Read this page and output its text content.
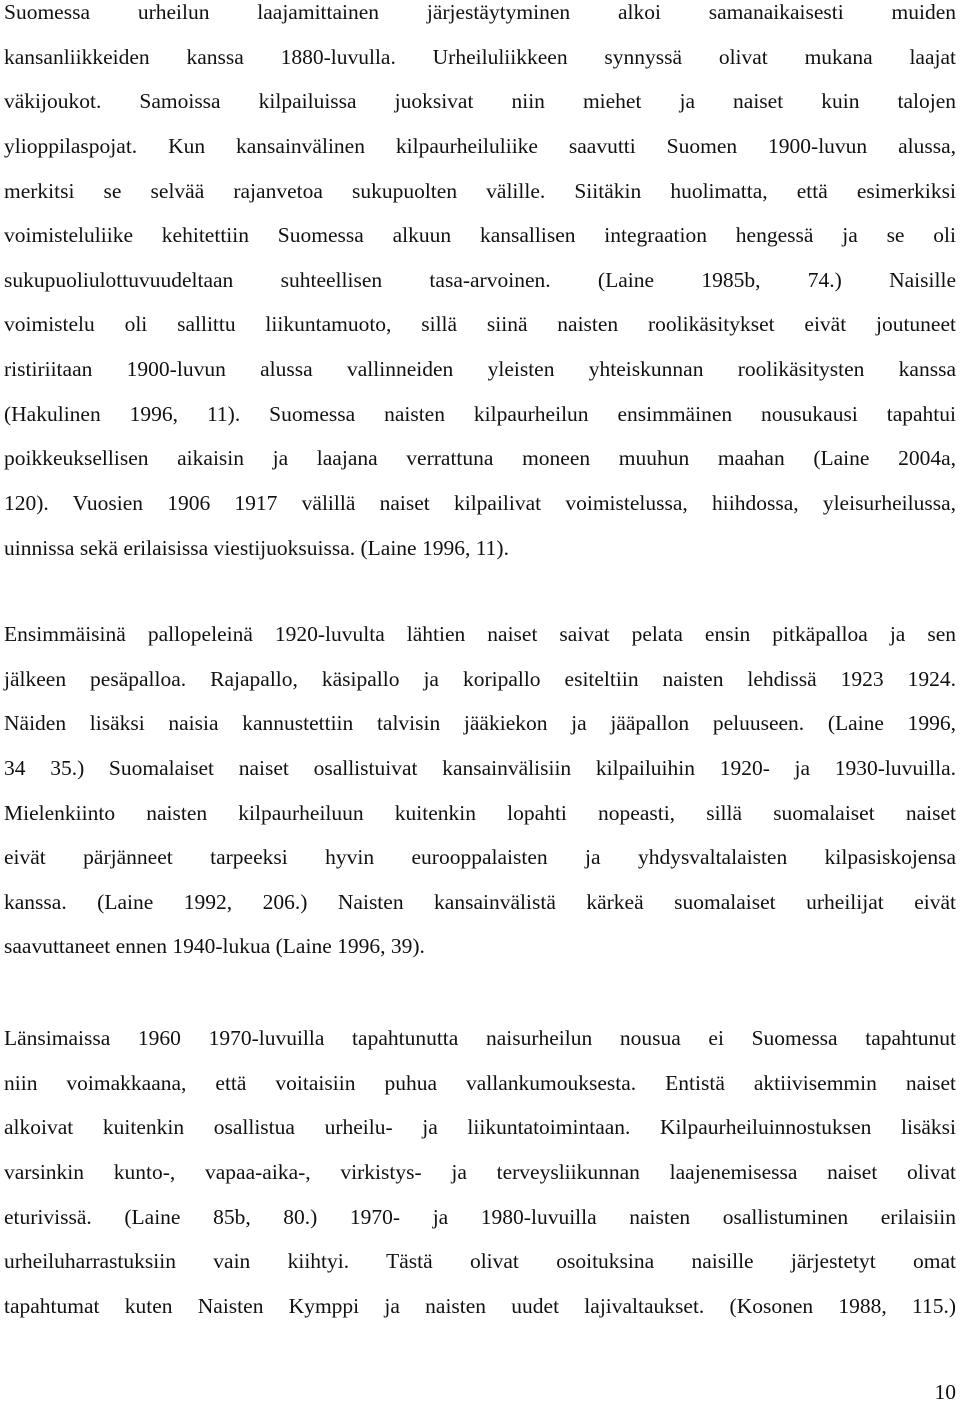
Suomessa urheilun laajamittainen järjestäytyminen alkoi samanaikaisesti muiden
kansanliikkeiden kanssa 1880-luvulla. Urheiluliikkeen synnyssä olivat mukana laajat
väkijoukot. Samoissa kilpailuissa juoksivat niin miehet ja naiset kuin talojen
ylioppilaspojat. Kun kansainvälinen kilpaurheiluliike saavutti Suomen 1900-luvun alussa,
merkitsi se selvää rajanvetoa sukupuolten välille. Siitäkin huolimatta, että esimerkiksi
voimisteluliike kehitettiin Suomessa alkuun kansallisen integraation hengessä ja se oli
sukupuoliulottuvuudeltaan suhteellisen tasa-arvoinen. (Laine 1985b, 74.) Naisille
voimistelu oli sallittu liikuntamuoto, sillä siinä naisten roolikäsitykset eivät joutuneet
ristiriitaan 1900-luvun alussa vallinneiden yleisten yhteiskunnan roolikäsitysten kanssa
(Hakulinen 1996, 11). Suomessa naisten kilpaurheilun ensimmäinen nousukausi tapahtui
poikkeuksellisen aikaisin ja laajana verrattuna moneen muuhun maahan (Laine 2004a,
120). Vuosien 1906 1917 välillä naiset kilpailivat voimistelussa, hiihdossa, yleisurheilussa,
uinnissa sekä erilaisissa viestijuoksuissa. (Laine 1996, 11).
Ensimmäisinä pallopeleinä 1920-luvulta lähtien naiset saivat pelata ensin pitkäpalloa ja sen
jälkeen pesäpalloa. Rajapallo, käsipallo ja koripallo esiteltiin naisten lehdissä 1923 1924.
Näiden lisäksi naisia kannustettiin talvisin jääkiekon ja jääpallon peluuseen. (Laine 1996,
34 35.) Suomalaiset naiset osallistuivat kansainvälisiin kilpailuihin 1920- ja 1930-luvuilla.
Mielenkiinto naisten kilpaurheiluun kuitenkin lopahti nopeasti, sillä suomalaiset naiset
eivät pärjänneet tarpeeksi hyvin eurooppalaisten ja yhdysvaltalaisten kilpasiskojensa
kanssa. (Laine 1992, 206.) Naisten kansainvälistä kärkeä suomalaiset urheilijat eivät
saavuttaneet ennen 1940-lukua (Laine 1996, 39).
Länsimaissa 1960 1970-luvuilla tapahtunutta naisurheilun nousua ei Suomessa tapahtunut
niin voimakkaana, että voitaisiin puhua vallankumouksesta. Entistä aktiivisemmin naiset
alkoivat kuitenkin osallistua urheilu- ja liikuntatoimintaan. Kilpaurheiluinnostuksen lisäksi
varsinkin kunto-, vapaa-aika-, virkistys- ja terveysliikunnan laajenemisessa naiset olivat
eturivissä. (Laine 85b, 80.) 1970- ja 1980-luvuilla naisten osallistuminen erilaisiin
urheiluharrastuksiin vain kiihtyi. Tästä olivat osoituksina naisille järjestetyt omat
tapahtumat kuten Naisten Kymppi ja naisten uudet lajivaltaukset. (Kosonen 1988, 115.)

10
